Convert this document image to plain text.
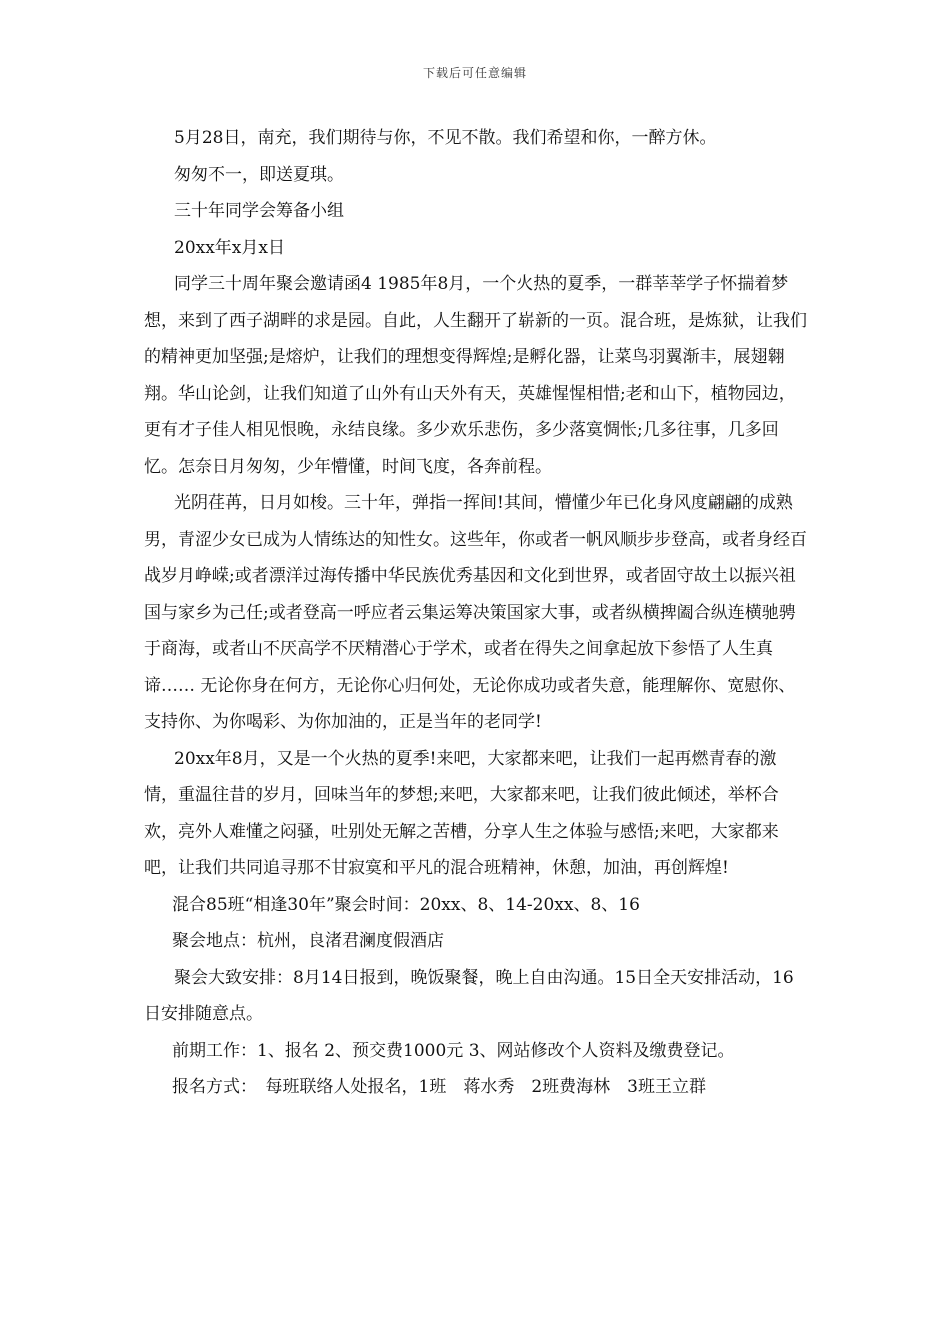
下载后可任意编辑

5月28日，南充，我们期待与你，不见不散。我们希望和你，一醉方休。

匆匆不一，即送夏琪。

三十年同学会筹备小组

20xx年x月x日

同学三十周年聚会邀请函4 1985年8月，一个火热的夏季，一群莘莘学子怀揣着梦想，来到了西子湖畔的求是园。自此，人生翻开了崭新的一页。混合班，是炼狱，让我们的精神更加坚强;是熔炉，让我们的理想变得辉煌;是孵化器，让菜鸟羽翼渐丰，展翅翱翔。华山论剑，让我们知道了山外有山天外有天，英雄惺惺相惜;老和山下，植物园边，更有才子佳人相见恨晚，永结良缘。多少欢乐悲伤，多少落寞惆怅;几多往事，几多回忆。怎奈日月匆匆，少年懵懂，时间飞度，各奔前程。

光阴荏苒，日月如梭。三十年，弹指一挥间!其间，懵懂少年已化身风度翩翩的成熟男，青涩少女已成为人情练达的知性女。这些年，你或者一帆风顺步步登高，或者身经百战岁月峥嵘;或者漂洋过海传播中华民族优秀基因和文化到世界，或者固守故土以振兴祖国与家乡为己任;或者登高一呼应者云集运筹决策国家大事，或者纵横捭阖合纵连横驰骋于商海，或者山不厌高学不厌精潜心于学术，或者在得失之间拿起放下参悟了人生真谛…… 无论你身在何方，无论你心归何处，无论你成功或者失意，能理解你、宽慰你、支持你、为你喝彩、为你加油的，正是当年的老同学!

20xx年8月，又是一个火热的夏季!来吧，大家都来吧，让我们一起再燃青春的激情，重温往昔的岁月，回味当年的梦想;来吧，大家都来吧，让我们彼此倾述，举杯合欢，亮外人难懂之闷骚，吐别处无解之苦槽，分享人生之体验与感悟;来吧，大家都来吧，让我们共同追寻那不甘寂寞和平凡的混合班精神，休憩，加油，再创辉煌!

混合85班“相逢30年”聚会时间：20xx、8、14-20xx、8、16

聚会地点：杭州，良渚君澜度假酒店

聚会大致安排：8月14日报到，晚饭聚餐，晚上自由沟通。15日全天安排活动，16日安排随意点。

前期工作：1、报名 2、预交费1000元 3、网站修改个人资料及缴费登记。

报名方式：　每班联络人处报名，1班　蒋水秀　2班费海林　3班王立群
